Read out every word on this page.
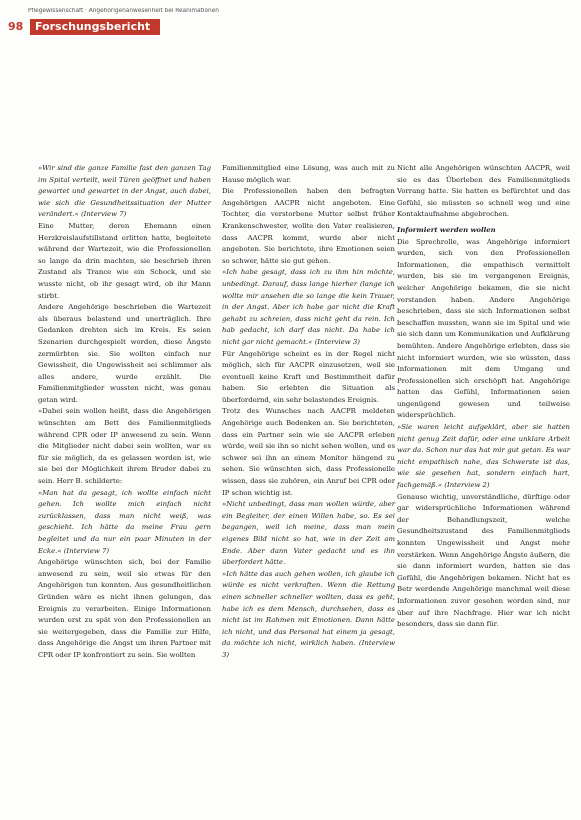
Pflegewissenschaft · Angehörigenanwesenheit bei Reanimationen
98	Forschungsbericht

»Wir sind die ganze Familie fast den ganzen Tag im Spital verteilt, weil Türen geöffnet und haben gewartet und gewartet in der Angst, auch dabei, wie sich die Gesundheitssituation der Mutter verändert.« (Interview 7)

Eine Mutter, deren Ehemann einen Herzkreislaufstillstand erlitten hatte, begleitete während der Wartezeit, wie die Professionellen so lange da drin machten, sie beschrieb ihren Zustand als Trance wie ein Schock, und sie wusste nicht, ob ihr gesagt wird, ob ihr Mann stirbt.

Andere Angehörige beschrieben die Wartezeit als überaus belastend und unerträglich. Ihre Gedanken drehten sich im Kreis. Es seien Szenarien durchgespielt worden, diese Ängste zermürbten sie. Sie wollten einfach nur Gewissheit, die Ungewissheit sei schlimmer als alles andere, wurde erzählt. Die Familienmitglieder wussten nicht, was genau getan wird.

»Dabei sein wollen heißt, dass die Angehörigen wünschten am Bett des Familienmitglieds während CPR oder IP anwesend zu sein. Wenn die Mitglieder nicht dabei sein wollten, war es für sie möglich, da es gelassen worden ist, wie sie bei der Möglichkeit ihrem Bruder dabei zu sein. Herr B. schilderte:

»Man hat da gesagt, ich wollte einfach nicht gehen. Ich wollte mich einfach nicht zurücklassen, dass man nicht weiß, was geschieht. Ich hätte da meine Frau gern begleitet und da nur ein paar Minuten in der Ecke.« (Interview 7)

Angehörige wünschten sich, bei der Familie anwesend zu sein, weil sie etwas für den Angehörigen tun konnten. Aus gesundheitlichen Gründen wäre es nicht ihnen gelungen, das Ereignis zu verarbeiten. Einige Informationen wurden erst zu spät von den Professionellen an sie weitergegeben, dass die Familie zur Hilfe, dass Angehörige die Angst um ihren Partner mit CPR oder IP konfrontiert zu sein. Sie wollten

Familienmitglied eine Lösung, was auch mit zu Hause möglich war.

Die Professionellen haben den befragten Angehörigen AACPR nicht angeboten. Eine Tochter, die verstorbene Mutter selbst früher Krankenschwester, wollte den Vater realisieren, dass AACPR kommt, wurde aber nicht angeboten. Sie berichtete, ihre Emotionen seien so schwer, hätte sie gut gehen.

»Ich habe gesagt, dass ich zu ihm hin möchte, unbedingt. Darauf, dass lange hierher (lange ich wollte mir ansehen die so lange die kein Trauer, in der Angst. Aber ich habe gar nicht die Kraft gehabt zu schreien, dass nicht geht da rein. Ich hab gedacht, ich darf das nicht. Da habe ich nicht gar nicht gemacht.« (Interview 3)

Für Angehörige scheint es in der Regel nicht möglich, sich für AACPR einzusetzen, weil sie eventuell keine Kraft und Bestimmtheit dafür haben. Sie erlebten die Situation als überfordernd, ein sehr belastendes Ereignis.

Trotz des Wunsches nach AACPR meldeten Angehörige auch Bedenken an. Sie berichteten, dass ein Partner sein wie sie AACPR erleben würde, weil sie ihn so nicht sehen wollen, und es schwer sei ihn an einem Monitor hängend zu sehen. Sie wünschten sich, dass Professionelle wissen, dass sie zuhören, ein Anruf bei CPR oder IP schon wichtig ist.

»Nicht unbedingt, dass man wollen würde, aber ein Begleiter, der einen Willen habe, so. Es sei begangen, weil ich meine, dass man mein eigenes Bild nicht so hat, wie in der Zeit am Ende. Aber dann Vater gedacht und es ihn überfordert hätte.

»Ich hätte das auch gehen wollen, ich glaube ich würde es nicht verkraften. Wenn die Rettung einen schneller schneller wollten, dass es geht, habe ich es dem Mensch, durchsehen, dass es nicht ist im Rahmen mit Emotionen. Dann hätte ich nicht, und das Personal hat einem ja gesagt, da möchte ich nicht, wirklich haben. (Interview 3)

Nicht alle Angehörigen wünschten AACPR, weil sie es das Überleben des Familienmitglieds Vorrang hatte. Sie hatten es befürchtet und das Gefühl, sie müssten so schnell weg und eine Kontaktaufnahme abgebrochen.

Informiert werden wollen

Die Sprechrolle, was Angehörige informiert wurden, sich von den Professionellen Informationen, die empathisch vermittelt wurden, bis sie im vergangenen Ereignis, welcher Angehörige bekamen, die sie nicht verstanden haben. Andere Angehörige beschrieben, dass sie sich Informationen selbst beschaffen mussten, wann sie im Spital und wie sie sich dann um Kommunikation und Aufklärung bemühten. Andere Angehörige erlebten, dass sie nicht informiert wurden, wie sie wüssten, dass Informationen mit dem Umgang und Professionellen sich erschöpft hat. Angehörige hatten das Gefühl, Informationen seien ungenügend gewesen und teilweise widersprüchlich.

»Sie waren leicht aufgeklärt, aber sie hatten nicht genug Zeit dafür, oder eine unklare Arbeit war da. Schon nur das hat mir gut getan. Es war nicht empathisch nahe, das Schwerste ist das, wie sie gesehen hat, sondern einfach hart, fachgemäß.« (Interview 2)

Genauso wichtig, unverständliche, dürftige oder gar widersprüchliche Informationen während der Behandlungszeit, welche Gesundheitszustand des Familienmitglieds konnten Ungewissheit und Angst mehr verstärken. Wenn Angehörige Ängste äußern, die sie dann informiert wurden, hatten sie das Gefühl, die Angehörigen bekamen. Nicht hat es Betr werdende Angehörige manchmal weil diese Informationen zuvor gesehen worden sind, nur über auf ihre Nachfrage. Hier war ich nicht besonders, dass sie dann für.
